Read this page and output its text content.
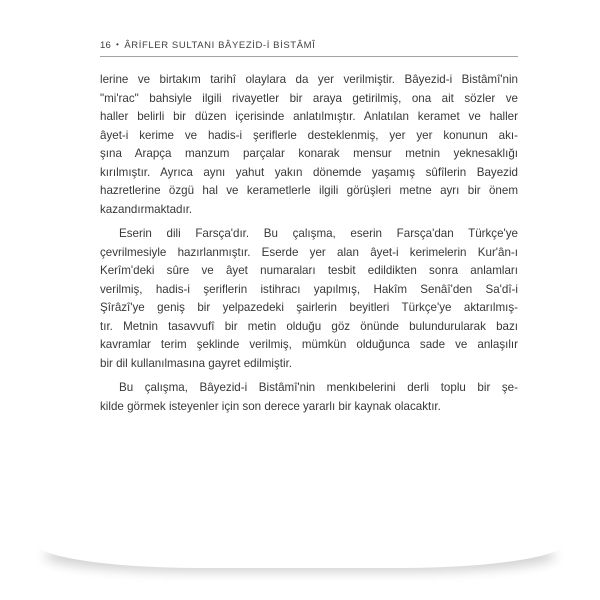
16 • ÂRİFLER SULTANI BÂYEZİD-İ BİSTÂMÎ
lerine ve birtakım tarihî olaylara da yer verilmiştir. Bâyezid-i Bistâmî'nin
"mi'rac" bahsiyle ilgili rivayetler bir araya getirilmiş, ona ait sözler ve
haller belirli bir düzen içerisinde anlatılmıştır. Anlatılan keramet ve haller
âyet-i kerime ve hadis-i şeriflerle desteklenmiş, yer yer konunun akı-
şına Arapça manzum parçalar konarak mensur metnin yeknesaklığı
kırılmıştır. Ayrıca aynı yahut yakın dönemde yaşamış sûfîlerin Bayezid
hazretlerine özgü hal ve kerametlerle ilgili görüşleri metne ayrı bir önem
kazandırmaktadır.
Eserin dili Farsça'dır. Bu çalışma, eserin Farsça'dan Türkçe'ye
çevrilmesiyle hazırlanmıştır. Eserde yer alan âyet-i kerimelerin Kur'ân-ı
Kerîm'deki sûre ve âyet numaraları tesbit edildikten sonra anlamları
verilmiş, hadis-i şeriflerin istihracı yapılmış, Hakîm Senâî'den Sa'dî-i
Şîrâzî'ye geniş bir yelpazedeki şairlerin beyitleri Türkçe'ye aktarılmış-
tır. Metnin tasavvufî bir metin olduğu göz önünde bulundurularak bazı
kavramlar terim şeklinde verilmiş, mümkün olduğunca sade ve anlaşılır
bir dil kullanılmasına gayret edilmiştir.
Bu çalışma, Bâyezid-i Bistâmî'nin menkıbelerini derli toplu bir şe-
kilde görmek isteyenler için son derece yararlı bir kaynak olacaktır.
